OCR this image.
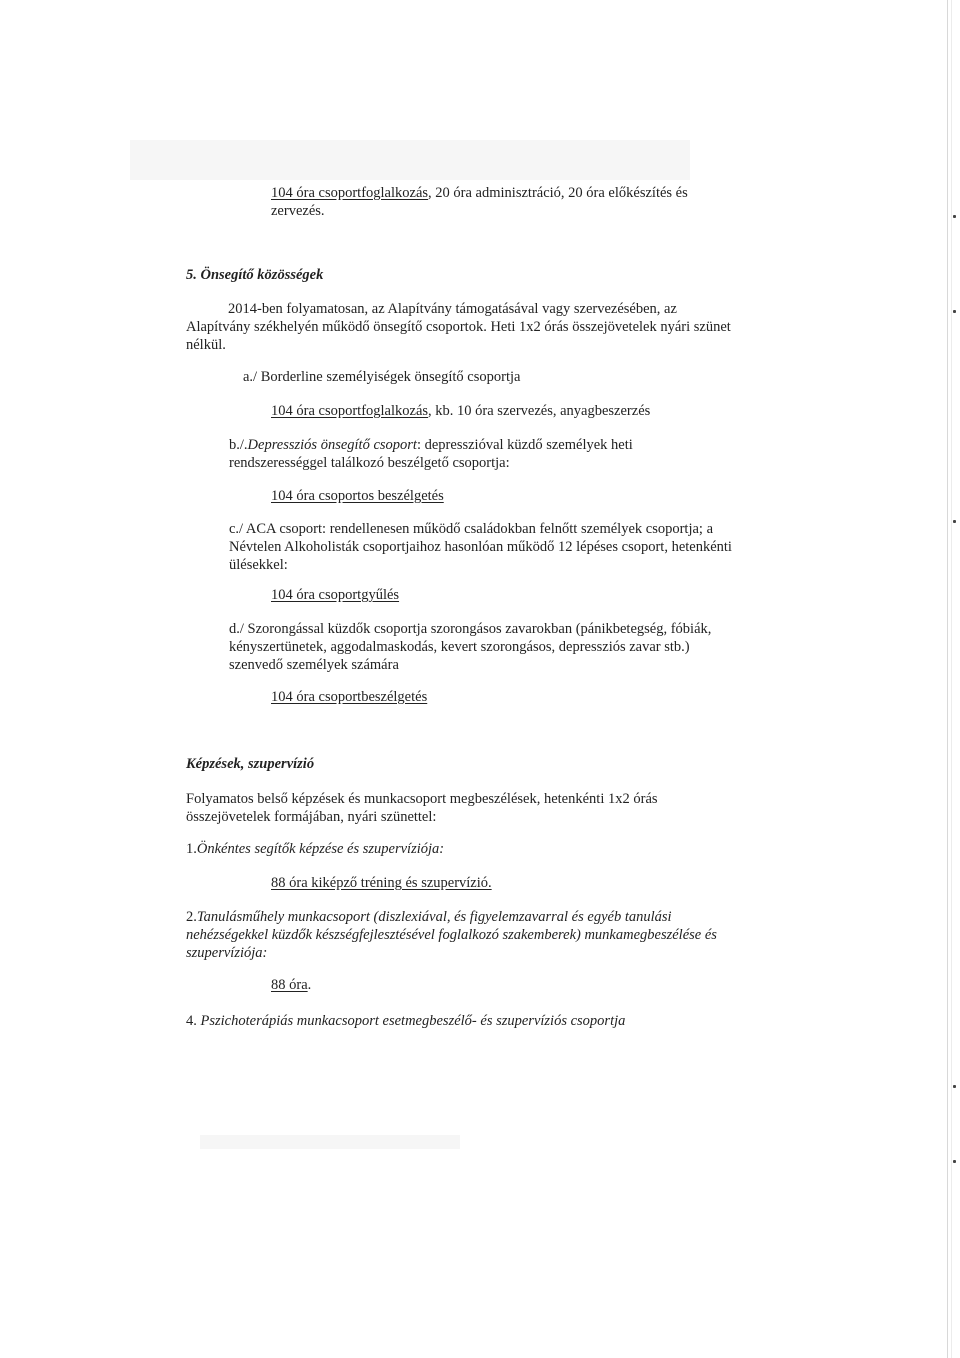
104 óra csoportfoglalkozás, 20 óra adminisztráció, 20 óra előkészítés és
zervezés.
5. Önsegítő közösségek
2014-ben folyamatosan, az Alapítvány támogatásával vagy szervezésében, az
Alapítvány székhelyén működő önsegítő csoportok. Heti 1x2 órás összejövetelek nyári szünet
nélkül.
a./ Borderline személyiségek önsegítő csoportja
104 óra csoportfoglalkozás, kb. 10 óra szervezés, anyagbeszerzés
b./.Depressziós önsegítő csoport: depresszióval küzdő személyek heti
rendszerességgel találkozó beszélgető csoportja:
104 óra csoportos beszélgetés
c./ ACA csoport: rendellenesen működő családokban felnőtt személyek csoportja; a
Névtelen Alkoholisták csoportjaihoz hasonlóan működő 12 lépéses csoport, hetenkénti
ülésekkel:
104 óra csoportgyűlés
d./ Szorongással küzdők csoportja szorongásos zavarokban (pánikbetegség, fóbiák,
kényszertünetek, aggodalmaskodás, kevert szorongásos, depressziós zavar stb.)
szenvedő személyek számára
104 óra csoportbeszélgetés
Képzések, szupervízió
Folyamatos belső képzések és munkacsoport megbeszélések, hetenkénti 1x2 órás
összejövetelek formájában, nyári szünettel:
1.Önkéntes segítők képzése és szupervíziója:
88 óra kiképző tréning és szupervízió.
2.Tanulásműhely munkacsoport (diszlexiával, és figyelemzavarral és egyéb tanulási
nehézségekkel küzdők készségfejlesztésével foglalkozó szakemberek) munkamegbeszélése és
szupervíziója:
88 óra.
4. Pszichoterápiás munkacsoport esetmegbeszélő- és szupervíziós csoportja
